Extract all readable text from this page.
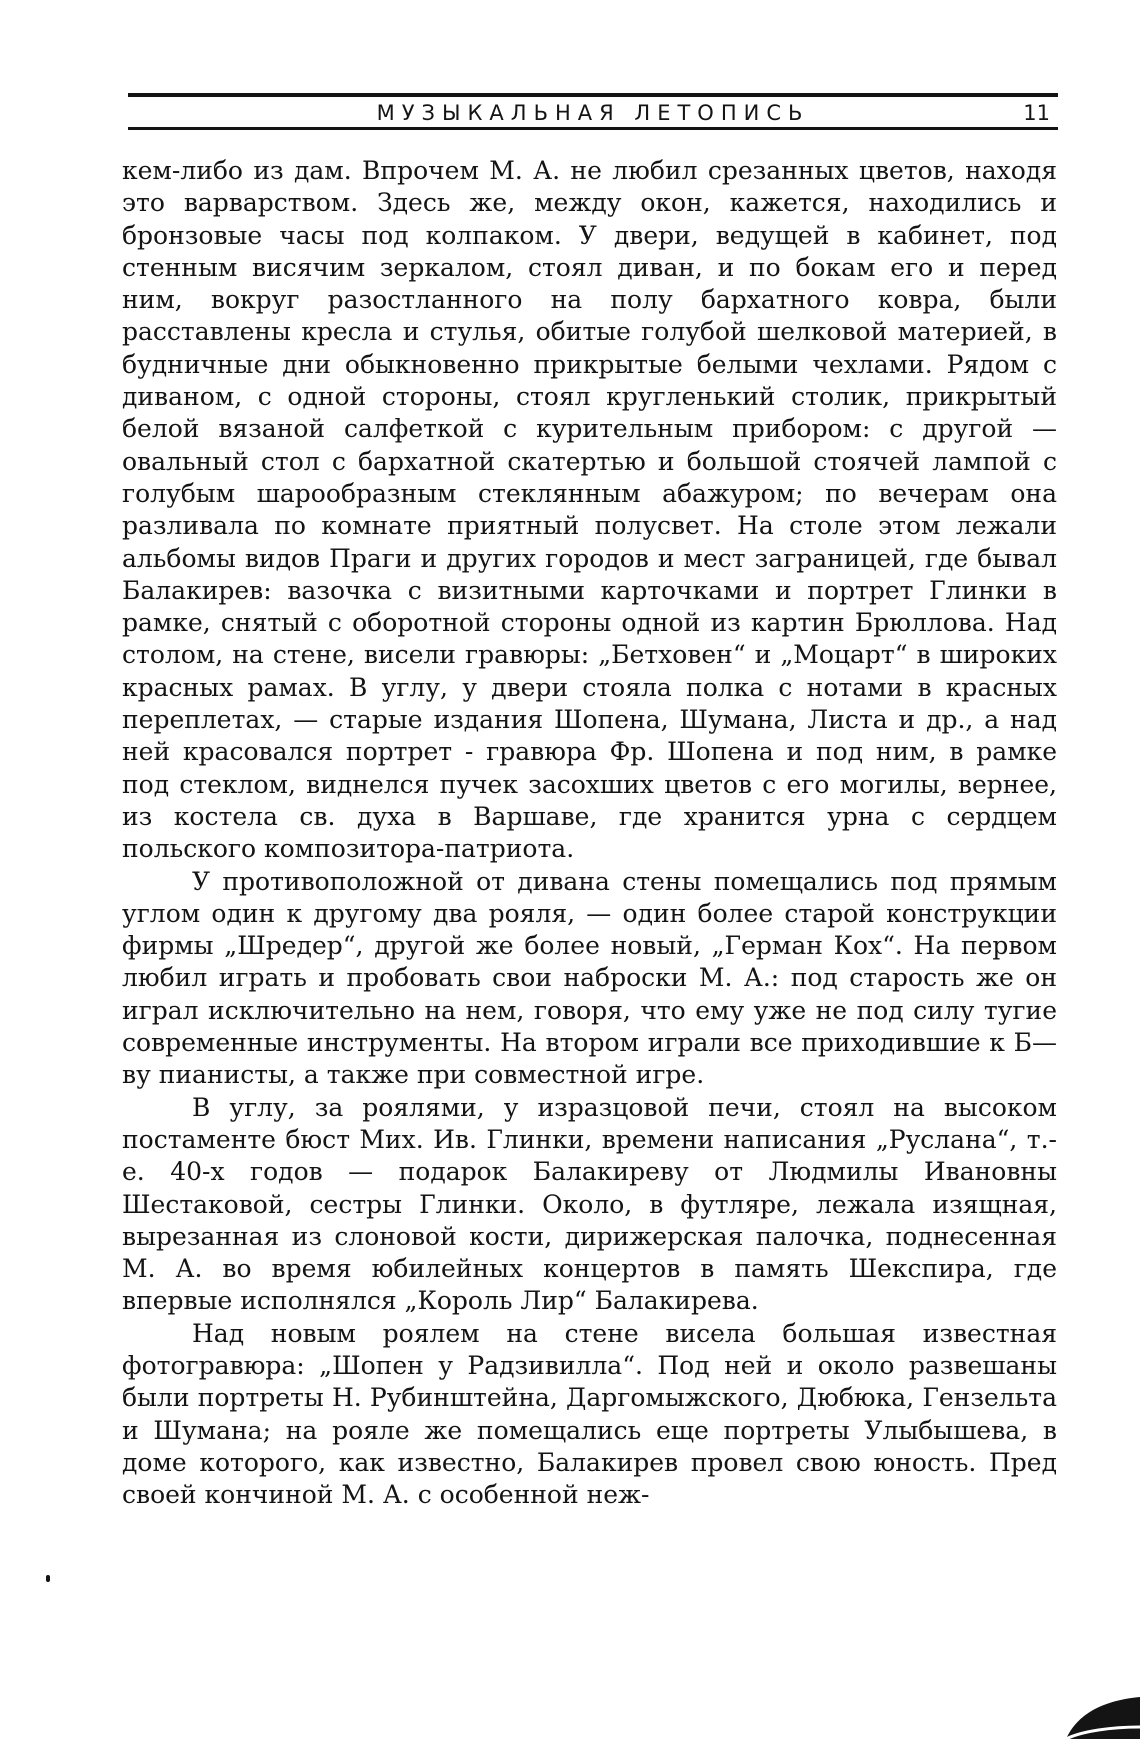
МУЗЫКАЛЬНАЯ ЛЕТОПИСЬ	11

кем-либо из дам. Впрочем М. А. не любил срезанных цветов, находя это варварством. Здесь же, между окон, кажется, находились и бронзовые часы под колпаком. У двери, ведущей в кабинет, под стенным висячим зеркалом, стоял диван, и по бокам его и перед ним, вокруг разостланного на полу бархатного ковра, были расставлены кресла и стулья, обитые голубой шелковой материей, в будничные дни обыкновенно прикрытые белыми чехлами. Рядом с диваном, с одной стороны, стоял кругленький столик, прикрытый белой вязаной салфеткой с курительным прибором: с другой — овальный стол с бархатной скатертью и большой стоячей лампой с голубым шарообразным стеклянным абажуром; по вечерам она разливала по комнате приятный полусвет. На столе этом лежали альбомы видов Праги и других городов и мест заграницей, где бывал Балакирев: вазочка с визитными карточками и портрет Глинки в рамке, снятый с оборотной стороны одной из картин Брюллова. Над столом, на стене, висели гравюры: „Бетховен“ и „Моцарт“ в широких красных рамах. В углу, у двери стояла полка с нотами в красных переплетах, — старые издания Шопена, Шумана, Листа и др., а над ней красовался портрет - гравюра Фр. Шопена и под ним, в рамке под стеклом, виднелся пучек засохших цветов с его могилы, вернее, из костела св. духа в Варшаве, где хранится урна с сердцем польского композитора-патриота.

У противоположной от дивана стены помещались под прямым углом один к другому два рояля, — один более старой конструкции фирмы „Шредер“, другой же более новый, „Герман Кох“. На первом любил играть и пробовать свои наброски М. А.: под старость же он играл исключительно на нем, говоря, что ему уже не под силу тугие современные инструменты. На втором играли все приходившие к Б—ву пианисты, а также при совместной игре.

В углу, за роялями, у изразцовой печи, стоял на высоком постаменте бюст Мих. Ив. Глинки, времени написания „Руслана“, т.-е. 40-х годов — подарок Балакиреву от Людмилы Ивановны Шестаковой, сестры Глинки. Около, в футляре, лежала изящная, вырезанная из слоновой кости, дирижерская палочка, поднесенная М. А. во время юбилейных концертов в память Шекспира, где впервые исполнялся „Король Лир“ Балакирева.

Над новым роялем на стене висела большая известная фотогравюра: „Шопен у Радзивилла“. Под ней и около развешаны были портреты Н. Рубинштейна, Даргомыжского, Дюбюка, Гензельта и Шумана; на рояле же помещались еще портреты Улыбышева, в доме которого, как известно, Балакирев провел свою юность. Пред своей кончиной М. А. с особенной неж-
